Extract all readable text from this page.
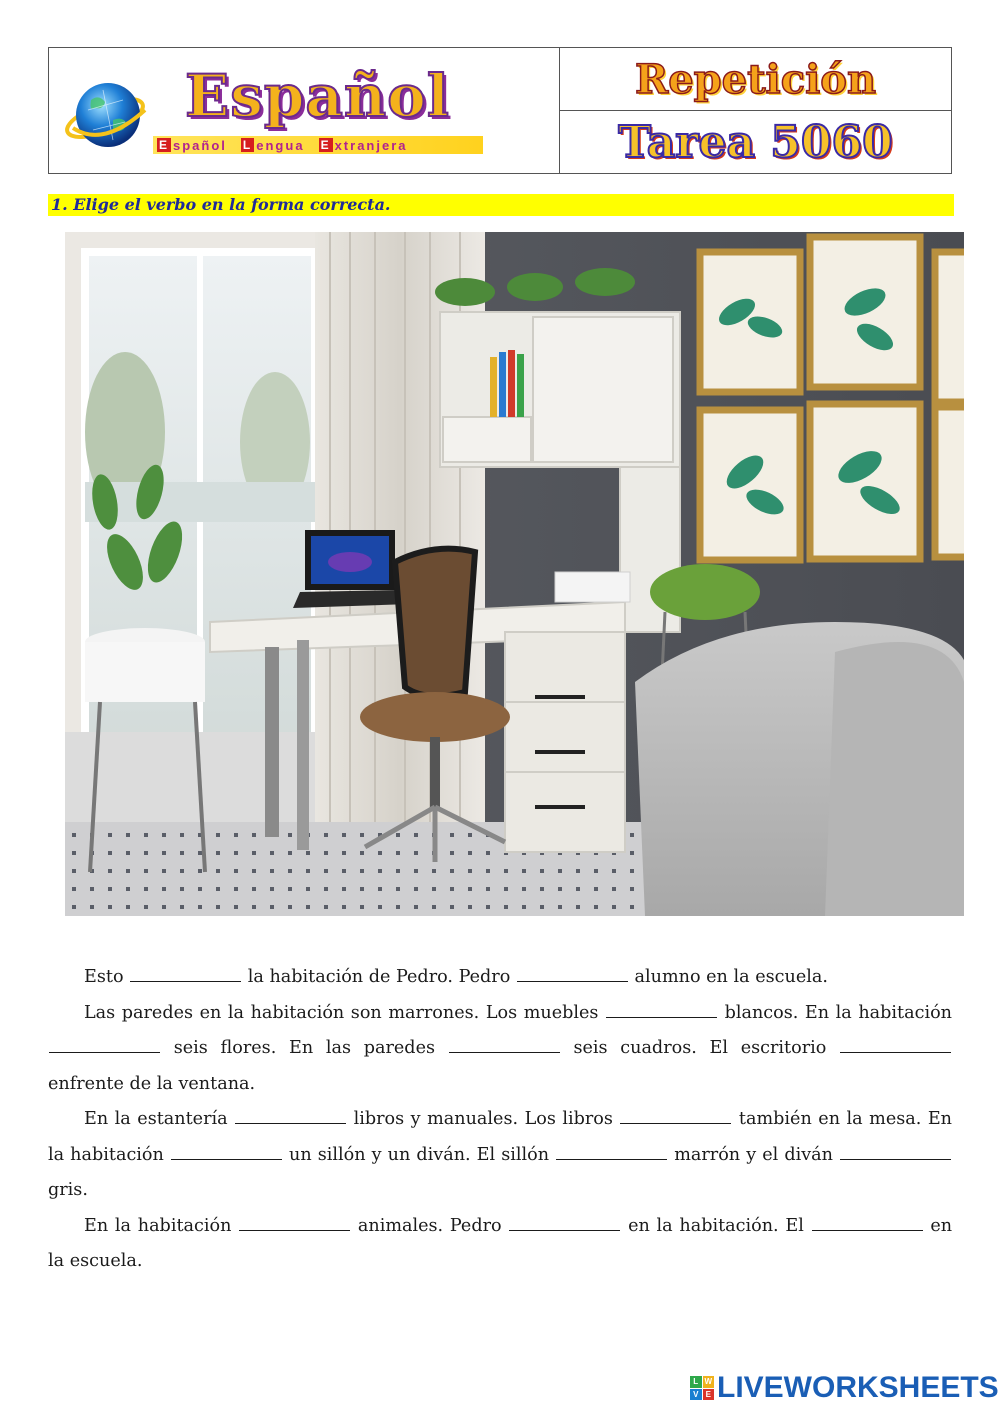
Español
E spañol L engua E xtranjera
Repetición
Tarea 5060
1. Elige el verbo en la forma correcta.

Esto	la habitación de Pedro. Pedro	alumno en la escuela.

Las paredes en la habitación son marrones. Los muebles	blancos. En la habitación  seis flores. En las paredes	seis cuadros. El escritorio  enfrente de la ventana.

En la estantería	libros y manuales. Los libros	también en la mesa. En la habitación	un sillón y un diván. El sillón	marrón y el diván  gris.

En la habitación	animales. Pedro	en la habitación. El	en la escuela.

L W
V E LIVEWORKSHEETS
